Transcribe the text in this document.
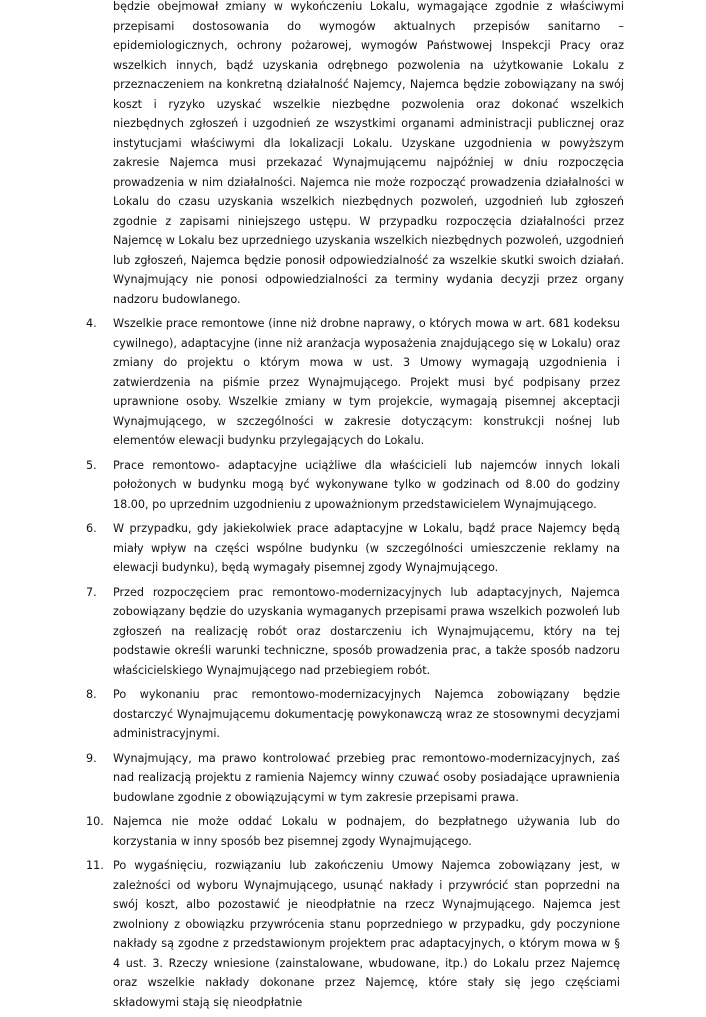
będzie obejmował zmiany w wykończeniu Lokalu, wymagające zgodnie z właściwymi przepisami dostosowania do wymogów aktualnych przepisów sanitarno – epidemiologicznych, ochrony pożarowej, wymogów Państwowej Inspekcji Pracy oraz wszelkich innych, bądź uzyskania odrębnego pozwolenia na użytkowanie Lokalu z przeznaczeniem na konkretną działalność Najemcy, Najemca będzie zobowiązany na swój koszt i ryzyko uzyskać wszelkie niezbędne pozwolenia oraz dokonać wszelkich niezbędnych zgłoszeń i uzgodnień ze wszystkimi organami administracji publicznej oraz instytucjami właściwymi dla lokalizacji Lokalu. Uzyskane uzgodnienia w powyższym zakresie Najemca musi przekazać Wynajmującemu najpóźniej w dniu rozpoczęcia prowadzenia w nim działalności. Najemca nie może rozpocząć prowadzenia działalności w Lokalu do czasu uzyskania wszelkich niezbędnych pozwoleń, uzgodnień lub zgłoszeń zgodnie z zapisami niniejszego ustępu. W przypadku rozpoczęcia działalności przez Najemcę w Lokalu bez uprzedniego uzyskania wszelkich niezbędnych pozwoleń, uzgodnień lub zgłoszeń, Najemca będzie ponosił odpowiedzialność za wszelkie skutki swoich działań. Wynajmujący nie ponosi odpowiedzialności za terminy wydania decyzji przez organy nadzoru budowlanego.
4. Wszelkie prace remontowe (inne niż drobne naprawy, o których mowa w art. 681 kodeksu cywilnego), adaptacyjne (inne niż aranżacja wyposażenia znajdującego się w Lokalu) oraz zmiany do projektu o którym mowa w ust. 3 Umowy wymagają uzgodnienia i zatwierdzenia na piśmie przez Wynajmującego. Projekt musi być podpisany przez uprawnione osoby. Wszelkie zmiany w tym projekcie, wymagają pisemnej akceptacji Wynajmującego, w szczególności w zakresie dotyczącym: konstrukcji nośnej lub elementów elewacji budynku przylegających do Lokalu.
5. Prace remontowo- adaptacyjne uciążliwe dla właścicieli lub najemców innych lokali położonych w budynku mogą być wykonywane tylko w godzinach od 8.00 do godziny 18.00, po uprzednim uzgodnieniu z upoważnionym przedstawicielem Wynajmującego.
6. W przypadku, gdy jakiekolwiek prace adaptacyjne w Lokalu, bądź prace Najemcy będą miały wpływ na części wspólne budynku (w szczególności umieszczenie reklamy na elewacji budynku), będą wymagały pisemnej zgody Wynajmującego.
7. Przed rozpoczęciem prac remontowo-modernizacyjnych lub adaptacyjnych, Najemca zobowiązany będzie do uzyskania wymaganych przepisami prawa wszelkich pozwoleń lub zgłoszeń na realizację robót oraz dostarczeniu ich Wynajmującemu, który na tej podstawie określi warunki techniczne, sposób prowadzenia prac, a także sposób nadzoru właścicielskiego Wynajmującego nad przebiegiem robót.
8. Po wykonaniu prac remontowo-modernizacyjnych Najemca zobowiązany będzie dostarczyć Wynajmującemu dokumentację powykonawczą wraz ze stosownymi decyzjami administracyjnymi.
9. Wynajmujący, ma prawo kontrolować przebieg prac remontowo-modernizacyjnych, zaś nad realizacją projektu z ramienia Najemcy winny czuwać osoby posiadające uprawnienia budowlane zgodnie z obowiązującymi w tym zakresie przepisami prawa.
10. Najemca nie może oddać Lokalu w podnajem, do bezpłatnego używania lub do korzystania w inny sposób bez pisemnej zgody Wynajmującego.
11. Po wygaśnięciu, rozwiązaniu lub zakończeniu Umowy Najemca zobowiązany jest, w zależności od wyboru Wynajmującego, usunąć nakłady i przywrócić stan poprzedni na swój koszt, albo pozostawić je nieodpłatnie na rzecz Wynajmującego. Najemca jest zwolniony z obowiązku przywrócenia stanu poprzedniego w przypadku, gdy poczynione nakłady są zgodne z przedstawionym projektem prac adaptacyjnych, o którym mowa w § 4 ust. 3. Rzeczy wniesione (zainstalowane, wbudowane, itp.) do Lokalu przez Najemcę oraz wszelkie nakłady dokonane przez Najemcę, które stały się jego częściami składowymi stają się nieodpłatnie
